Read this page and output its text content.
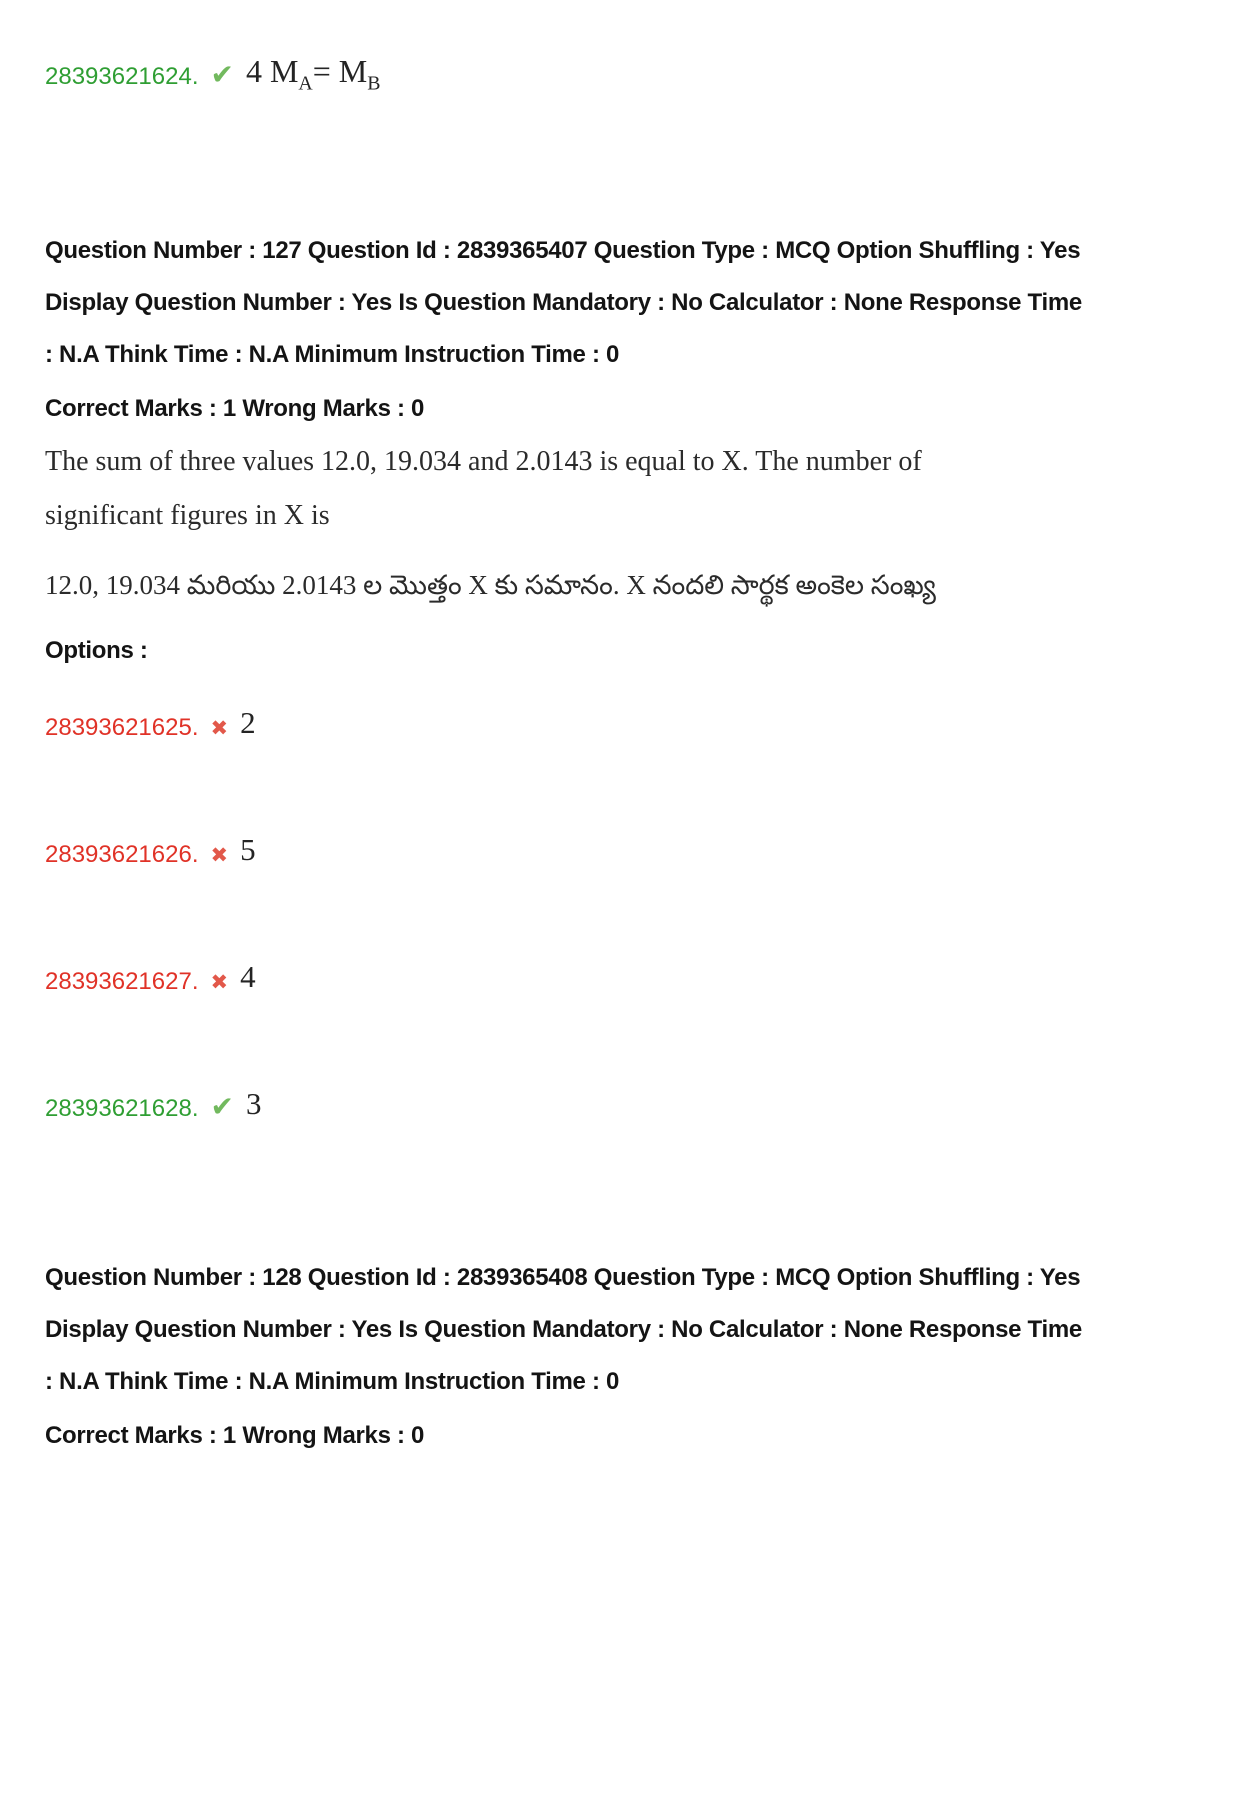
28393621624. ✔ 4 $M_A= M_B$
Question Number : 127 Question Id : 2839365407 Question Type : MCQ Option Shuffling : Yes
Display Question Number : Yes Is Question Mandatory : No Calculator : None Response Time
: N.A Think Time : N.A Minimum Instruction Time : 0
Correct Marks : 1 Wrong Marks : 0
The sum of three values 12.0, 19.034 and 2.0143 is equal to X. The number of
significant figures in X is
12.0, 19.034 మరియు 2.0143 ల మొత్తం X కు సమానం. X నందలి సార్థక అంకెల సంఖ్య
Options :
28393621625. ✖ 2
28393621626. ✖ 5
28393621627. ✖ 4
28393621628. ✔ 3
Question Number : 128 Question Id : 2839365408 Question Type : MCQ Option Shuffling : Yes
Display Question Number : Yes Is Question Mandatory : No Calculator : None Response Time
: N.A Think Time : N.A Minimum Instruction Time : 0
Correct Marks : 1 Wrong Marks : 0
